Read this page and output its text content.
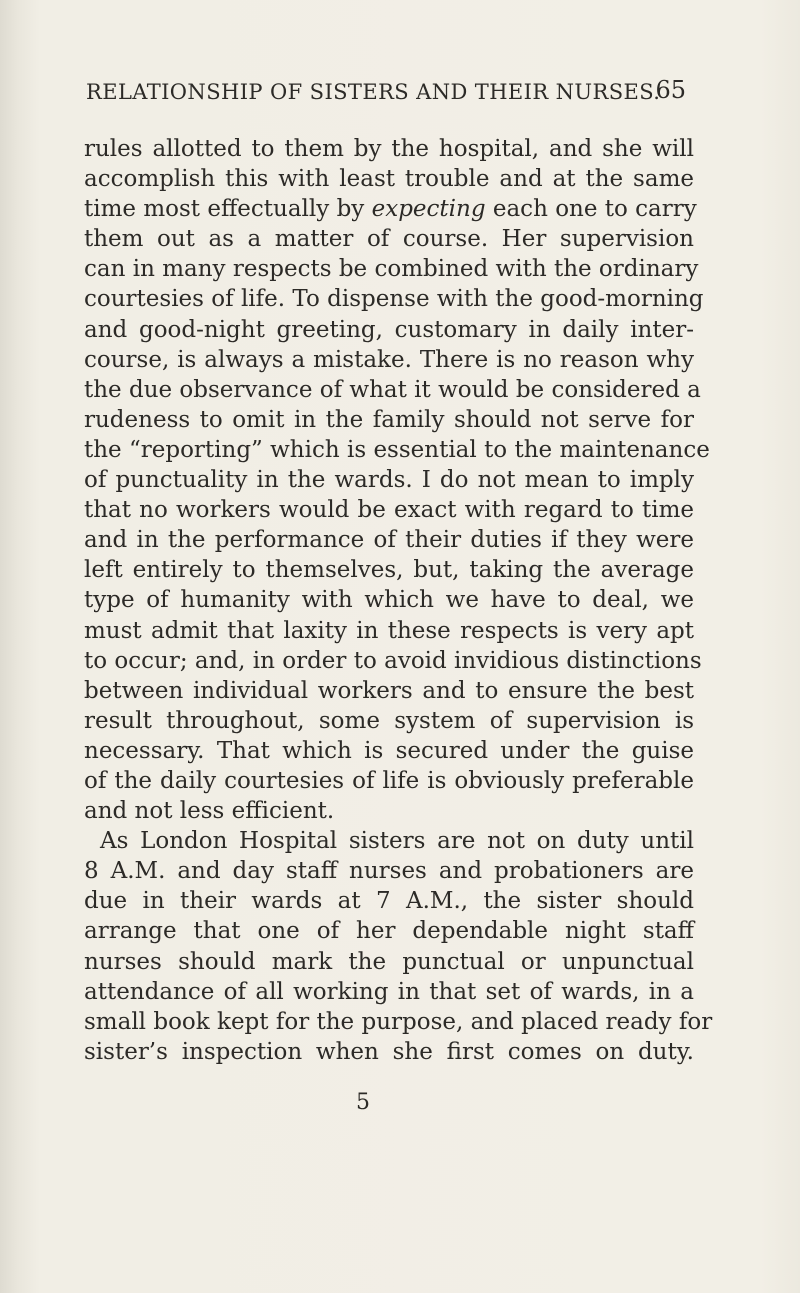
RELATIONSHIP OF SISTERS AND THEIR NURSES.
65
rules allotted to them by the hospital, and she will
accomplish this with least trouble and at the same
time most effectually by expecting each one to carry
them out as a matter of course. Her supervision
can in many respects be combined with the ordinary
courtesies of life. To dispense with the good-morning
and good-night greeting, customary in daily inter-
course, is always a mistake. There is no reason why
the due observance of what it would be considered a
rudeness to omit in the family should not serve for
the “reporting” which is essential to the maintenance
of punctuality in the wards. I do not mean to imply
that no workers would be exact with regard to time
and in the performance of their duties if they were
left entirely to themselves, but, taking the average
type of humanity with which we have to deal, we
must admit that laxity in these respects is very apt
to occur; and, in order to avoid invidious distinctions
between individual workers and to ensure the best
result throughout, some system of supervision is
necessary. That which is secured under the guise
of the daily courtesies of life is obviously preferable
and not less efficient.
As London Hospital sisters are not on duty until
8 A.M. and day staff nurses and probationers are
due in their wards at 7 A.M., the sister should
arrange that one of her dependable night staff
nurses should mark the punctual or unpunctual
attendance of all working in that set of wards, in a
small book kept for the purpose, and placed ready for
sister’s inspection when she first comes on duty.
5
